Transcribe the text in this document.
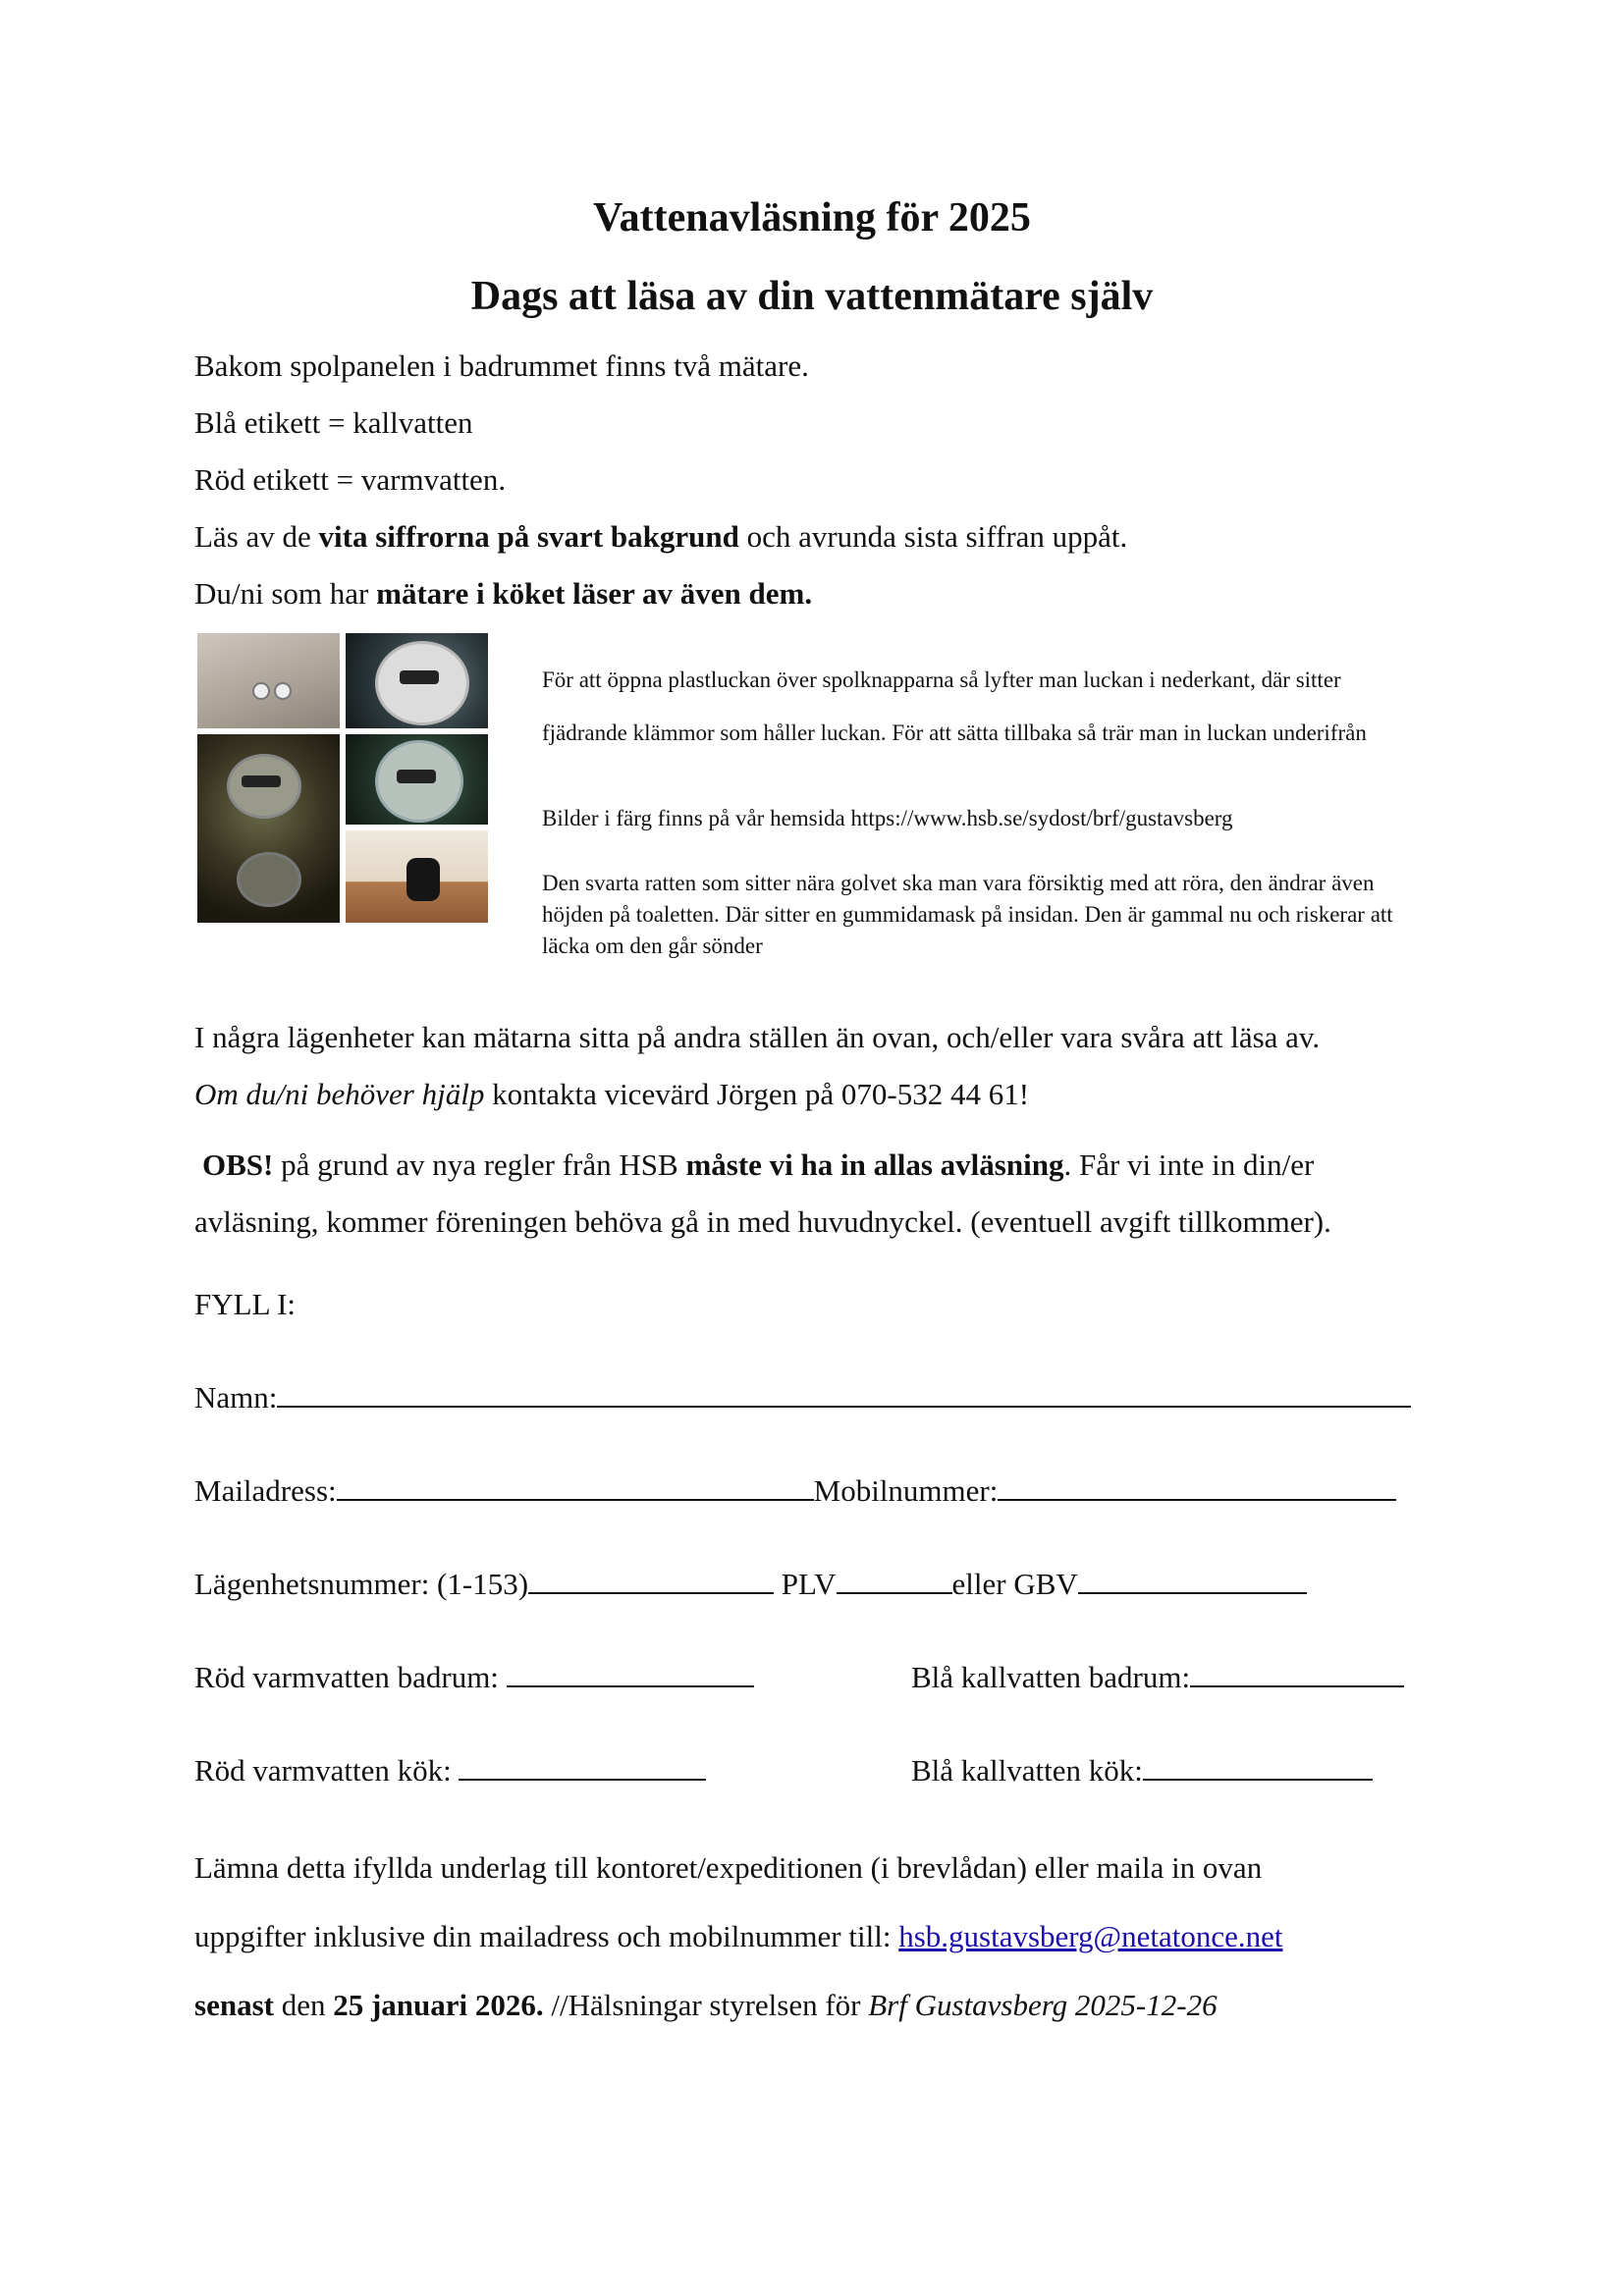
Vattenavläsning för 2025
Dags att läsa av din vattenmätare själv
Bakom spolpanelen i badrummet finns två mätare.
Blå etikett = kallvatten
Röd etikett = varmvatten.
Läs av de vita siffrorna på svart bakgrund och avrunda sista siffran uppåt.
Du/ni som har mätare i köket läser av även dem.
För att öppna plastluckan över spolknapparna så lyfter man luckan i nederkant, där sitter
fjädrande klämmor som håller luckan. För att sätta tillbaka så trär man in luckan underifrån
Bilder i färg finns på vår hemsida https://www.hsb.se/sydost/brf/gustavsberg
Den svarta ratten som sitter nära golvet ska man vara försiktig med att röra, den ändrar även
höjden på toaletten. Där sitter en gummidamask på insidan. Den är gammal nu och riskerar att
läcka om den går sönder
I några lägenheter kan mätarna sitta på andra ställen än ovan, och/eller vara svåra att läsa av.
Om du/ni behöver hjälp kontakta vicevärd Jörgen på 070-532 44 61!
OBS! på grund av nya regler från HSB måste vi ha in allas avläsning. Får vi inte in din/er
avläsning, kommer föreningen behöva gå in med huvudnyckel. (eventuell avgift tillkommer).
FYLL I:
Namn:
Mailadress:	Mobilnummer:
Lägenhetsnummer: (1-153)	PLV	eller GBV
Röd varmvatten badrum:	Blå kallvatten badrum:
Röd varmvatten kök:	Blå kallvatten kök:
Lämna detta ifyllda underlag till kontoret/expeditionen (i brevlådan) eller maila in ovan
uppgifter inklusive din mailadress och mobilnummer till: hsb.gustavsberg@netatonce.net
senast den 25 januari 2026. //Hälsningar styrelsen för Brf Gustavsberg 2025-12-26
